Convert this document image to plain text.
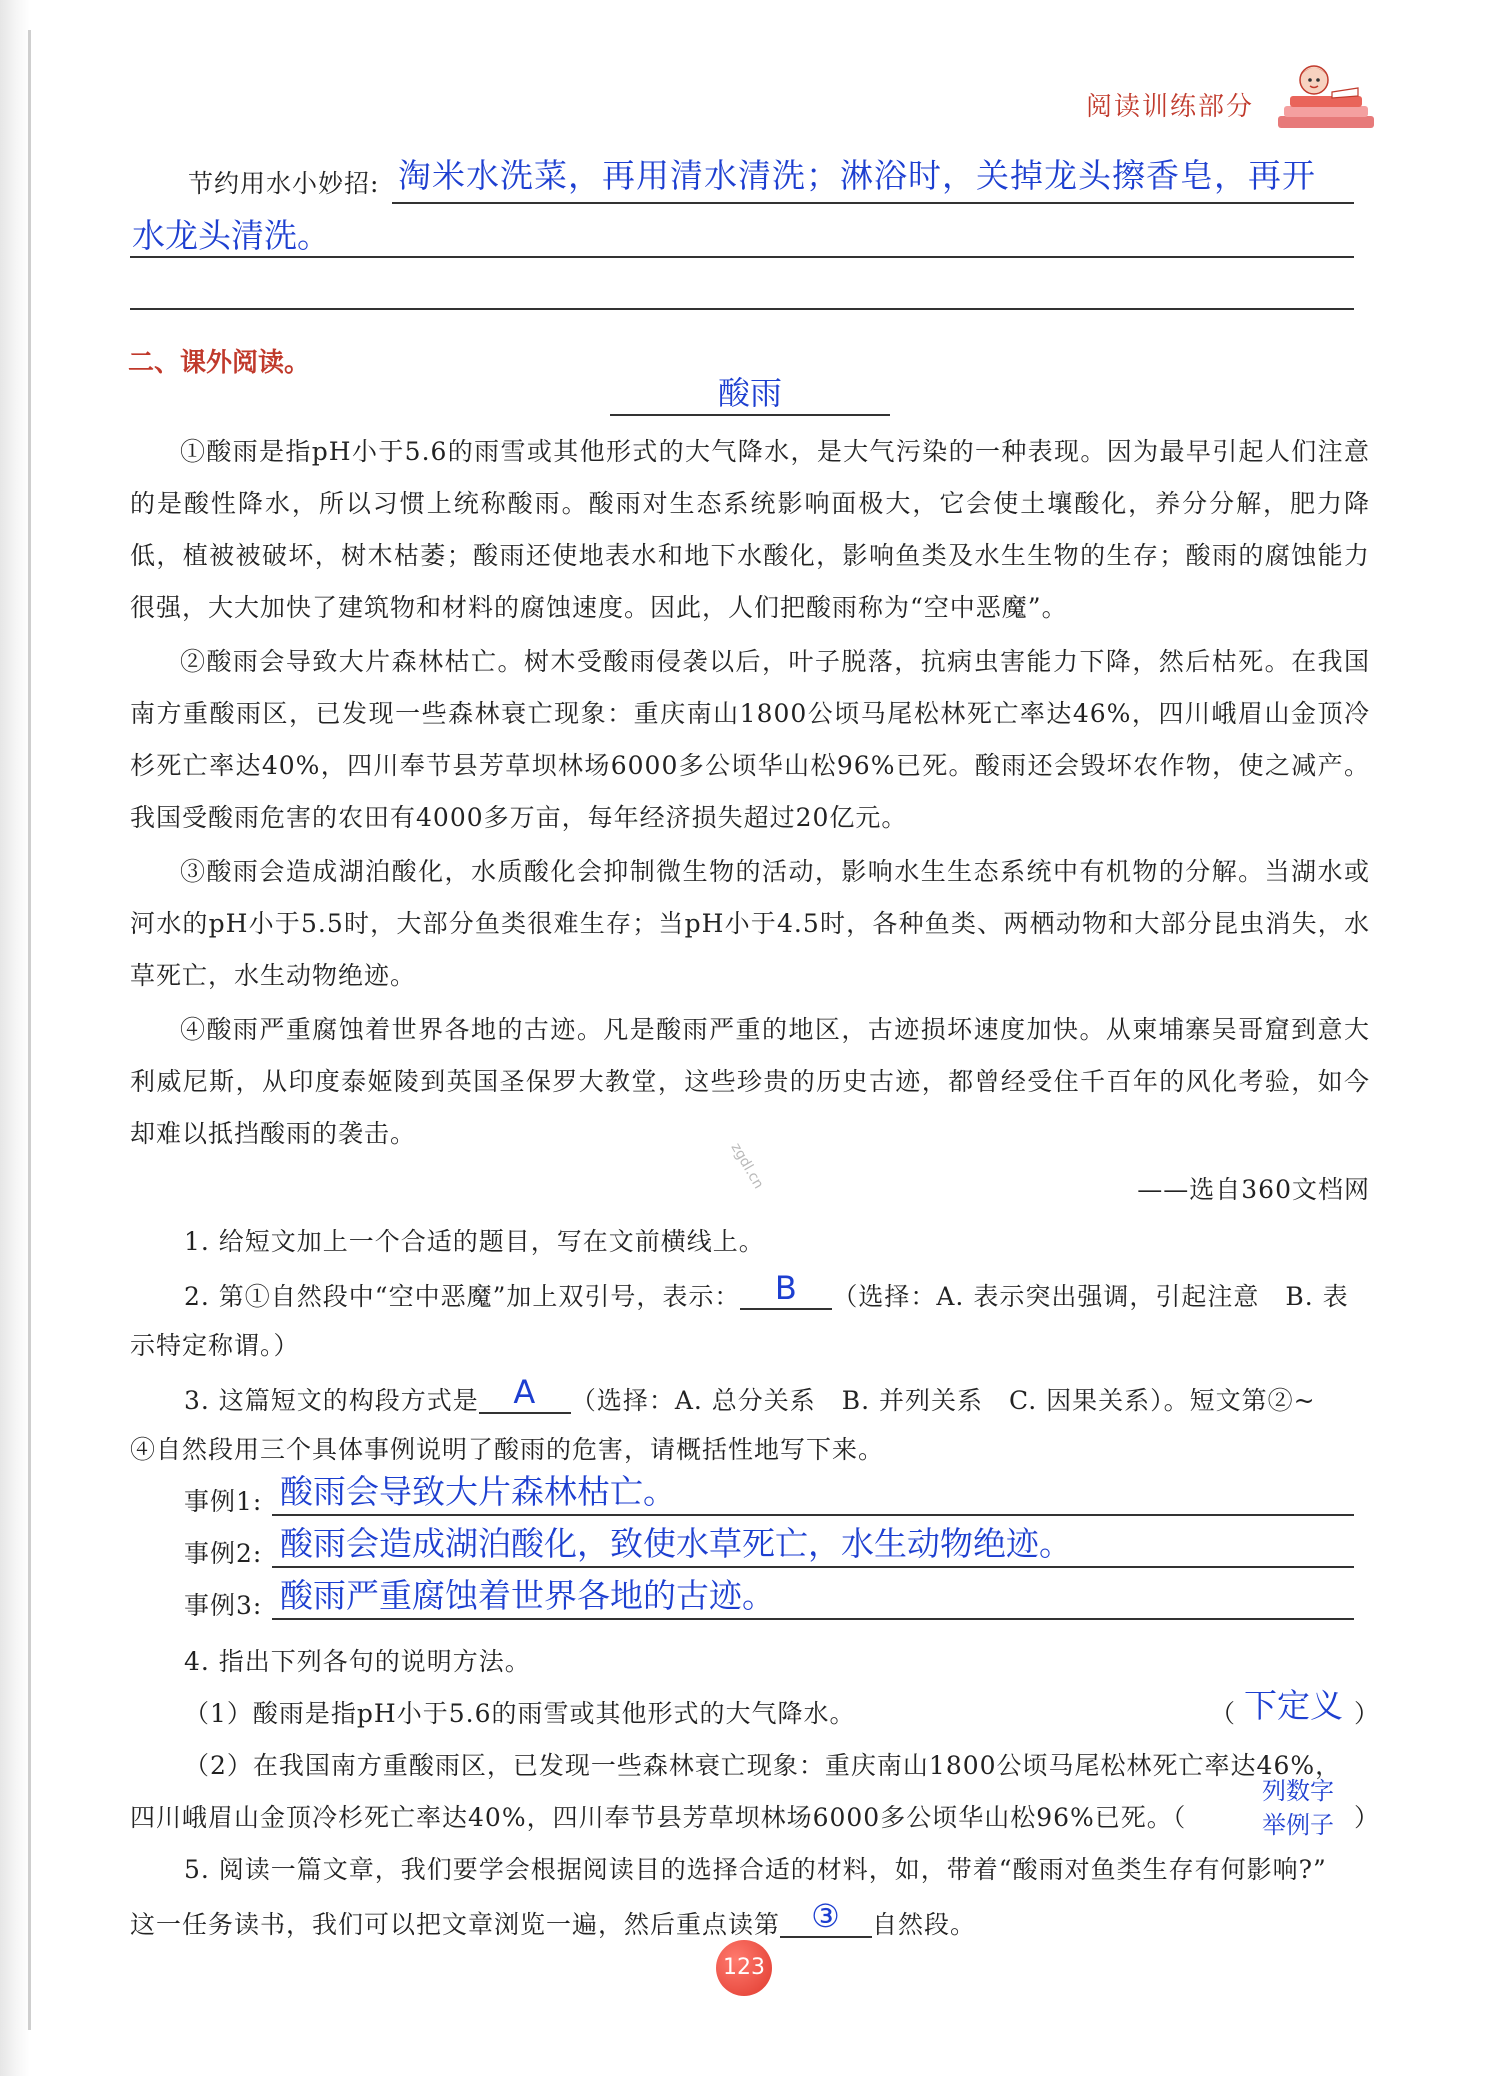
阅读训练部分
节约用水小妙招: 淘米水洗菜，再用清水清洗；淋浴时，关掉龙头擦香皂，再开
水龙头清洗。
二、课外阅读。
酸雨
①酸雨是指pH小于5.6的雨雪或其他形式的大气降水，是大气污染的一种表现。因为最早引起人们注意的是酸性降水，所以习惯上统称酸雨。酸雨对生态系统影响面极大，它会使土壤酸化，养分分解，肥力降低，植被被破坏，树木枯萎；酸雨还使地表水和地下水酸化，影响鱼类及水生生物的生存；酸雨的腐蚀能力很强，大大加快了建筑物和材料的腐蚀速度。因此，人们把酸雨称为“空中恶魔”。
②酸雨会导致大片森林枯亡。树木受酸雨侵袭以后，叶子脱落，抗病虫害能力下降，然后枯死。在我国南方重酸雨区，已发现一些森林衰亡现象：重庆南山1800公顷马尾松林死亡率达46%，四川峨眉山金顶冷杉死亡率达40%，四川奉节县芳草坝林场6000多公顷华山松96%已死。酸雨还会毁坏农作物，使之减产。我国受酸雨危害的农田有4000多万亩，每年经济损失超过20亿元。
③酸雨会造成湖泊酸化，水质酸化会抑制微生物的活动，影响水生生态系统中有机物的分解。当湖水或河水的pH小于5.5时，大部分鱼类很难生存；当pH小于4.5时，各种鱼类、两栖动物和大部分昆虫消失，水草死亡，水生动物绝迹。
④酸雨严重腐蚀着世界各地的古迹。凡是酸雨严重的地区，古迹损坏速度加快。从柬埔寨吴哥窟到意大利威尼斯，从印度泰姬陵到英国圣保罗大教堂，这些珍贵的历史古迹，都曾经受住千百年的风化考验，如今却难以抵挡酸雨的袭击。
zgdl.cn	——选自360文档网
1. 给短文加上一个合适的题目，写在文前横线上。
2. 第①自然段中“空中恶魔”加上双引号，表示： B （选择：A. 表示突出强调，引起注意　B. 表
示特定称谓。）
3. 这篇短文的构段方式是 A （选择：A. 总分关系　B. 并列关系　C. 因果关系）。短文第②~
④自然段用三个具体事例说明了酸雨的危害，请概括性地写下来。
事例1: 酸雨会导致大片森林枯亡。
事例2: 酸雨会造成湖泊酸化，致使水草死亡，水生动物绝迹。
事例3: 酸雨严重腐蚀着世界各地的古迹。
4. 指出下列各句的说明方法。
（1）酸雨是指pH小于5.6的雨雪或其他形式的大气降水。	（ 下定义 ）
（2）在我国南方重酸雨区，已发现一些森林衰亡现象：重庆南山1800公顷马尾松林死亡率达46%，
四川峨眉山金顶冷杉死亡率达40%，四川奉节县芳草坝林场6000多公顷华山松96%已死。（
列数字
举例子 ）
5. 阅读一篇文章，我们要学会根据阅读目的选择合适的材料，如，带着“酸雨对鱼类生存有何影响?”
这一任务读书，我们可以把文章浏览一遍，然后重点读第 ③ 自然段。
123
